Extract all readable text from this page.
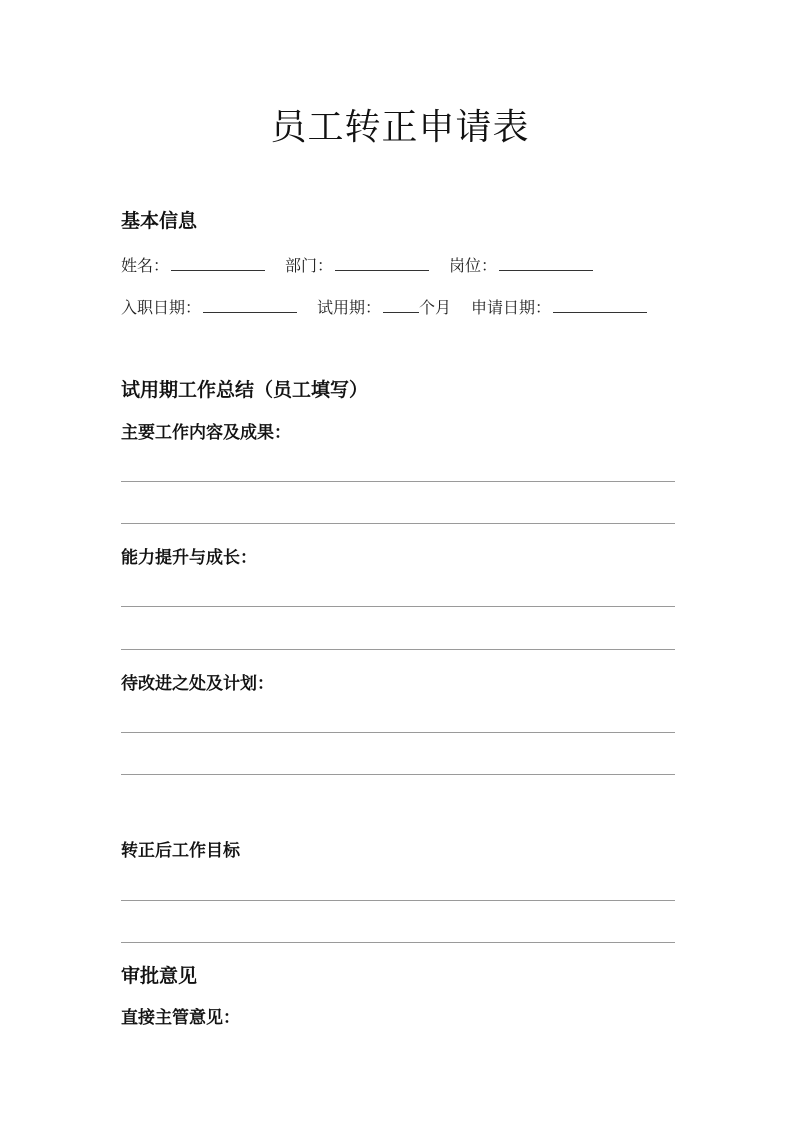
员工转正申请表
基本信息
姓名：	部门：	岗位：
入职日期：	试用期： 个月 申请日期：
试用期工作总结（员工填写）
主要工作内容及成果：
能力提升与成长：
待改进之处及计划：
转正后工作目标
审批意见
直接主管意见：
